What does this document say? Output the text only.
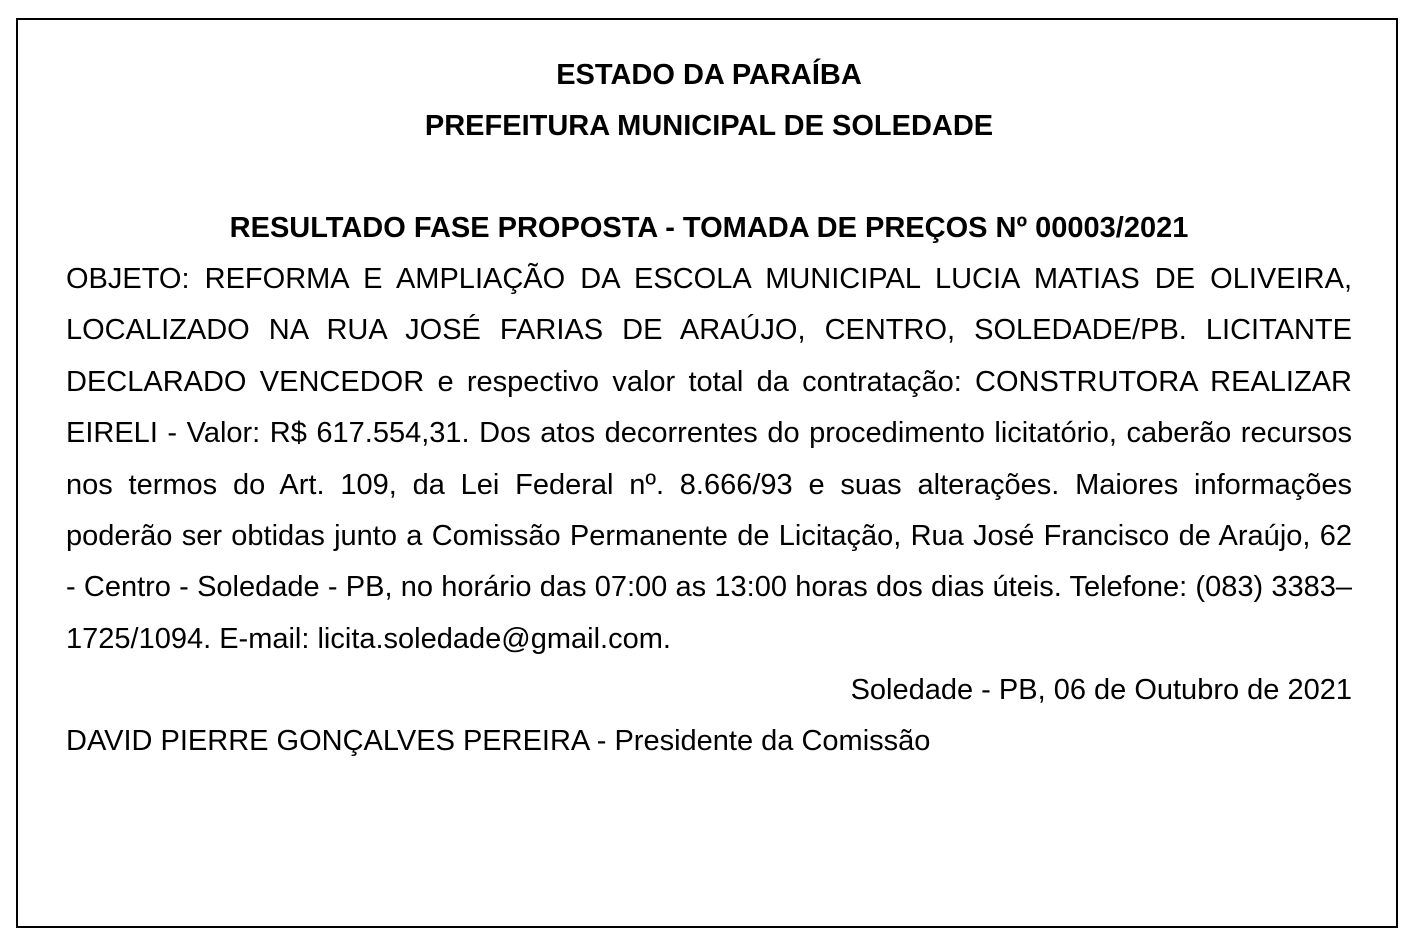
ESTADO DA PARAÍBA

PREFEITURA MUNICIPAL DE SOLEDADE

RESULTADO FASE PROPOSTA - TOMADA DE PREÇOS Nº 00003/2021

OBJETO: REFORMA E AMPLIAÇÃO DA ESCOLA MUNICIPAL LUCIA MATIAS DE OLIVEIRA, LOCALIZADO NA RUA JOSÉ FARIAS DE ARAÚJO, CENTRO, SOLEDADE/PB. LICITANTE DECLARADO VENCEDOR e respectivo valor total da contratação: CONSTRUTORA REALIZAR EIRELI - Valor: R$ 617.554,31. Dos atos decorrentes do procedimento licitatório, caberão recursos nos termos do Art. 109, da Lei Federal nº. 8.666/93 e suas alterações. Maiores informações poderão ser obtidas junto a Comissão Permanente de Licitação, Rua José Francisco de Araújo, 62 - Centro - Soledade - PB, no horário das 07:00 as 13:00 horas dos dias úteis. Telefone: (083) 3383–1725/1094. E-mail: licita.soledade@gmail.com.

Soledade - PB, 06 de Outubro de 2021

DAVID PIERRE GONÇALVES PEREIRA - Presidente da Comissão
